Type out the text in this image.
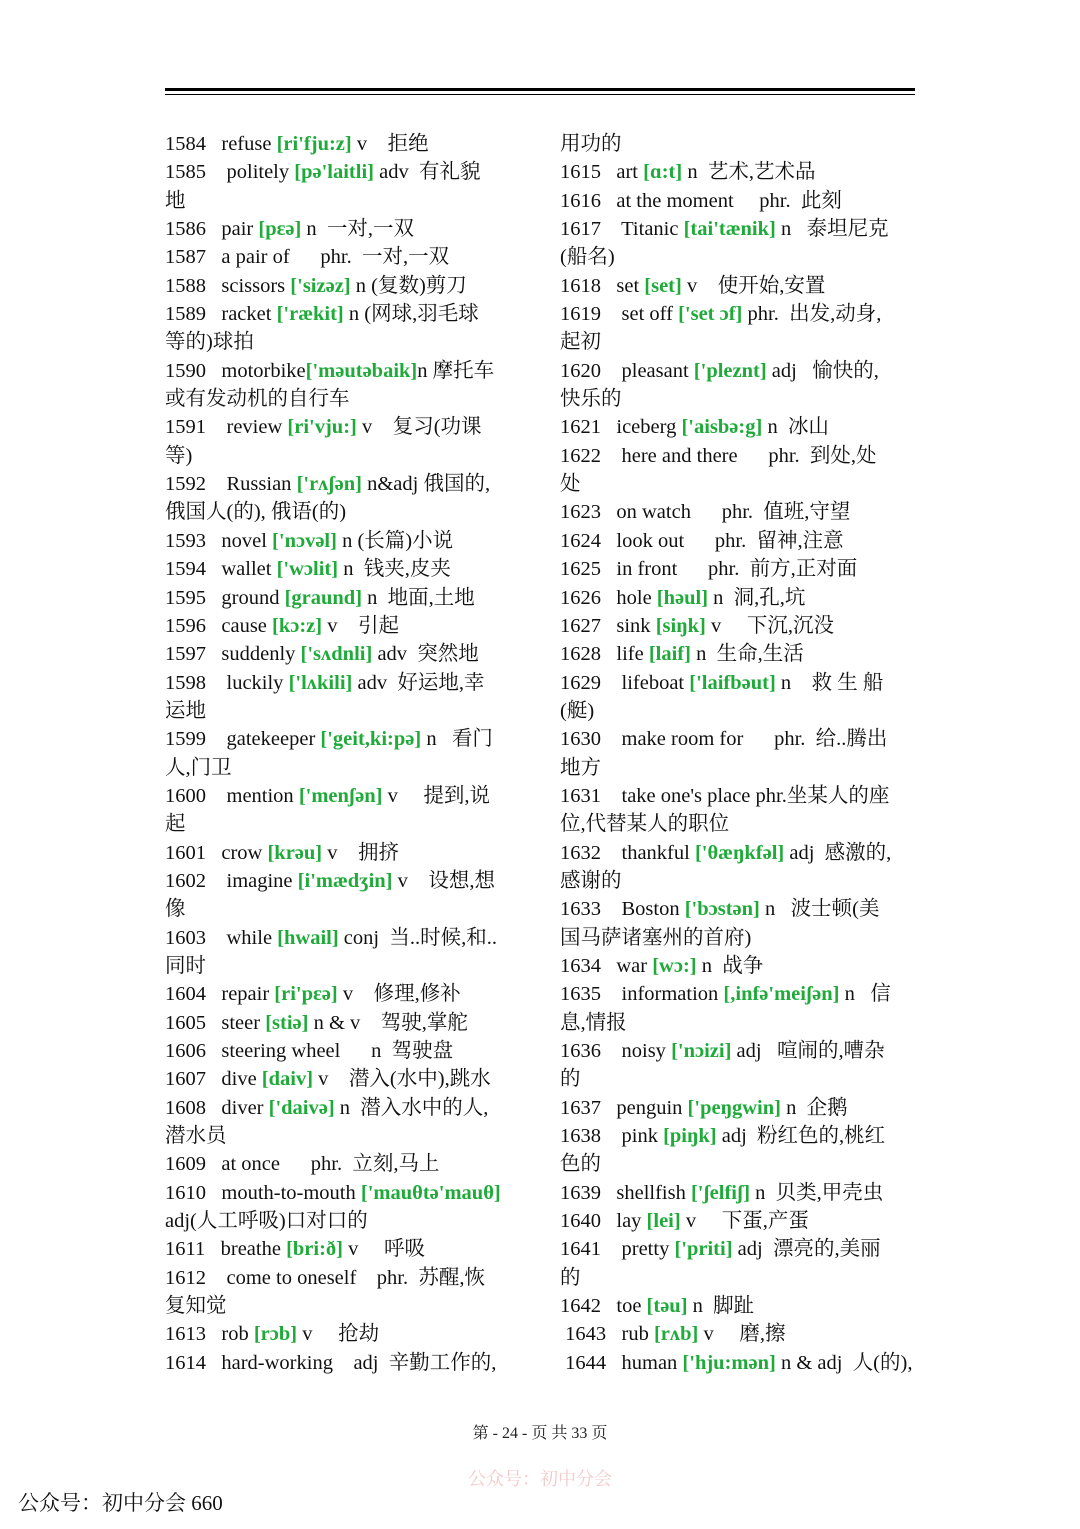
1584   refuse [ri'fju:z] v    拒绝
1585    politely [pə'laitli] adv  有礼貌
地
1586   pair [pɛə] n  一对,一双
1587   a pair of      phr.  一对,一双
1588   scissors ['sizəz] n (复数)剪刀
1589   racket ['rækit] n (网球,羽毛球
等的)球拍
1590   motorbike['məutəbaik]n 摩托车
或有发动机的自行车
1591    review [ri'vju:] v    复习(功课
等)
1592    Russian ['rʌʃən] n&adj 俄国的,
俄国人(的), 俄语(的)
1593   novel ['nɔvəl] n (长篇)小说
1594   wallet ['wɔlit] n  钱夹,皮夹
1595   ground [graund] n  地面,土地
1596   cause [kɔ:z] v    引起
1597   suddenly ['sʌdnli] adv  突然地
1598    luckily ['lʌkili] adv  好运地,幸
运地
1599    gatekeeper ['geit,ki:pə] n   看门
人,门卫
1600    mention ['menʃən] v     提到,说
起
1601   crow [krəu] v    拥挤
1602    imagine [i'mædʒin] v    设想,想
像
1603    while [hwail] conj  当..时候,和..
同时
1604   repair [ri'pɛə] v    修理,修补
1605   steer [stiə] n & v    驾驶,掌舵
1606   steering wheel      n  驾驶盘
1607   dive [daiv] v    潜入(水中),跳水
1608   diver ['daivə] n  潜入水中的人,
潜水员
1609   at once      phr.  立刻,马上
1610   mouth-to-mouth ['mauθtə'mauθ]
adj(人工呼吸)口对口的
1611   breathe [bri:ð] v     呼吸
1612    come to oneself    phr.  苏醒,恢
复知觉
1613   rob [rɔb] v     抢劫
1614   hard-working    adj  辛勤工作的,
用功的
1615   art [ɑ:t] n  艺术,艺术品
1616   at the moment     phr.  此刻
1617    Titanic [tai'tænik] n   泰坦尼克
(船名)
1618   set [set] v    使开始,安置
1619    set off ['set ɔf] phr.  出发,动身,
起初
1620    pleasant ['pleznt] adj   愉快的,
快乐的
1621   iceberg ['aisbə:g] n  冰山
1622    here and there      phr.  到处,处
处
1623   on watch      phr.  值班,守望
1624   look out      phr.  留神,注意
1625   in front      phr.  前方,正对面
1626   hole [həul] n  洞,孔,坑
1627   sink [siŋk] v     下沉,沉没
1628   life [laif] n  生命,生活
1629    lifeboat ['laifbəut] n    救 生 船
(艇)
1630    make room for      phr.  给..腾出
地方
1631    take one's place phr.坐某人的座
位,代替某人的职位
1632    thankful ['θæŋkfəl] adj  感激的,
感谢的
1633    Boston ['bɔstən] n   波士顿(美
国马萨诸塞州的首府)
1634   war [wɔ:] n  战争
1635    information [,infə'meiʃən] n   信
息,情报
1636    noisy ['nɔizi] adj   喧闹的,嘈杂
的
1637   penguin ['peŋgwin] n  企鹅
1638    pink [piŋk] adj  粉红色的,桃红
色的
1639   shellfish ['ʃelfiʃ] n  贝类,甲壳虫
1640   lay [lei] v     下蛋,产蛋
1641    pretty ['priti] adj  漂亮的,美丽
的
1642   toe [təu] n  脚趾
1643   rub [rʌb] v     磨,擦
1644   human ['hju:mən] n & adj  人(的),
第 - 24 - 页 共 33 页
公众号：初中分会
公众号：初中分会 660
